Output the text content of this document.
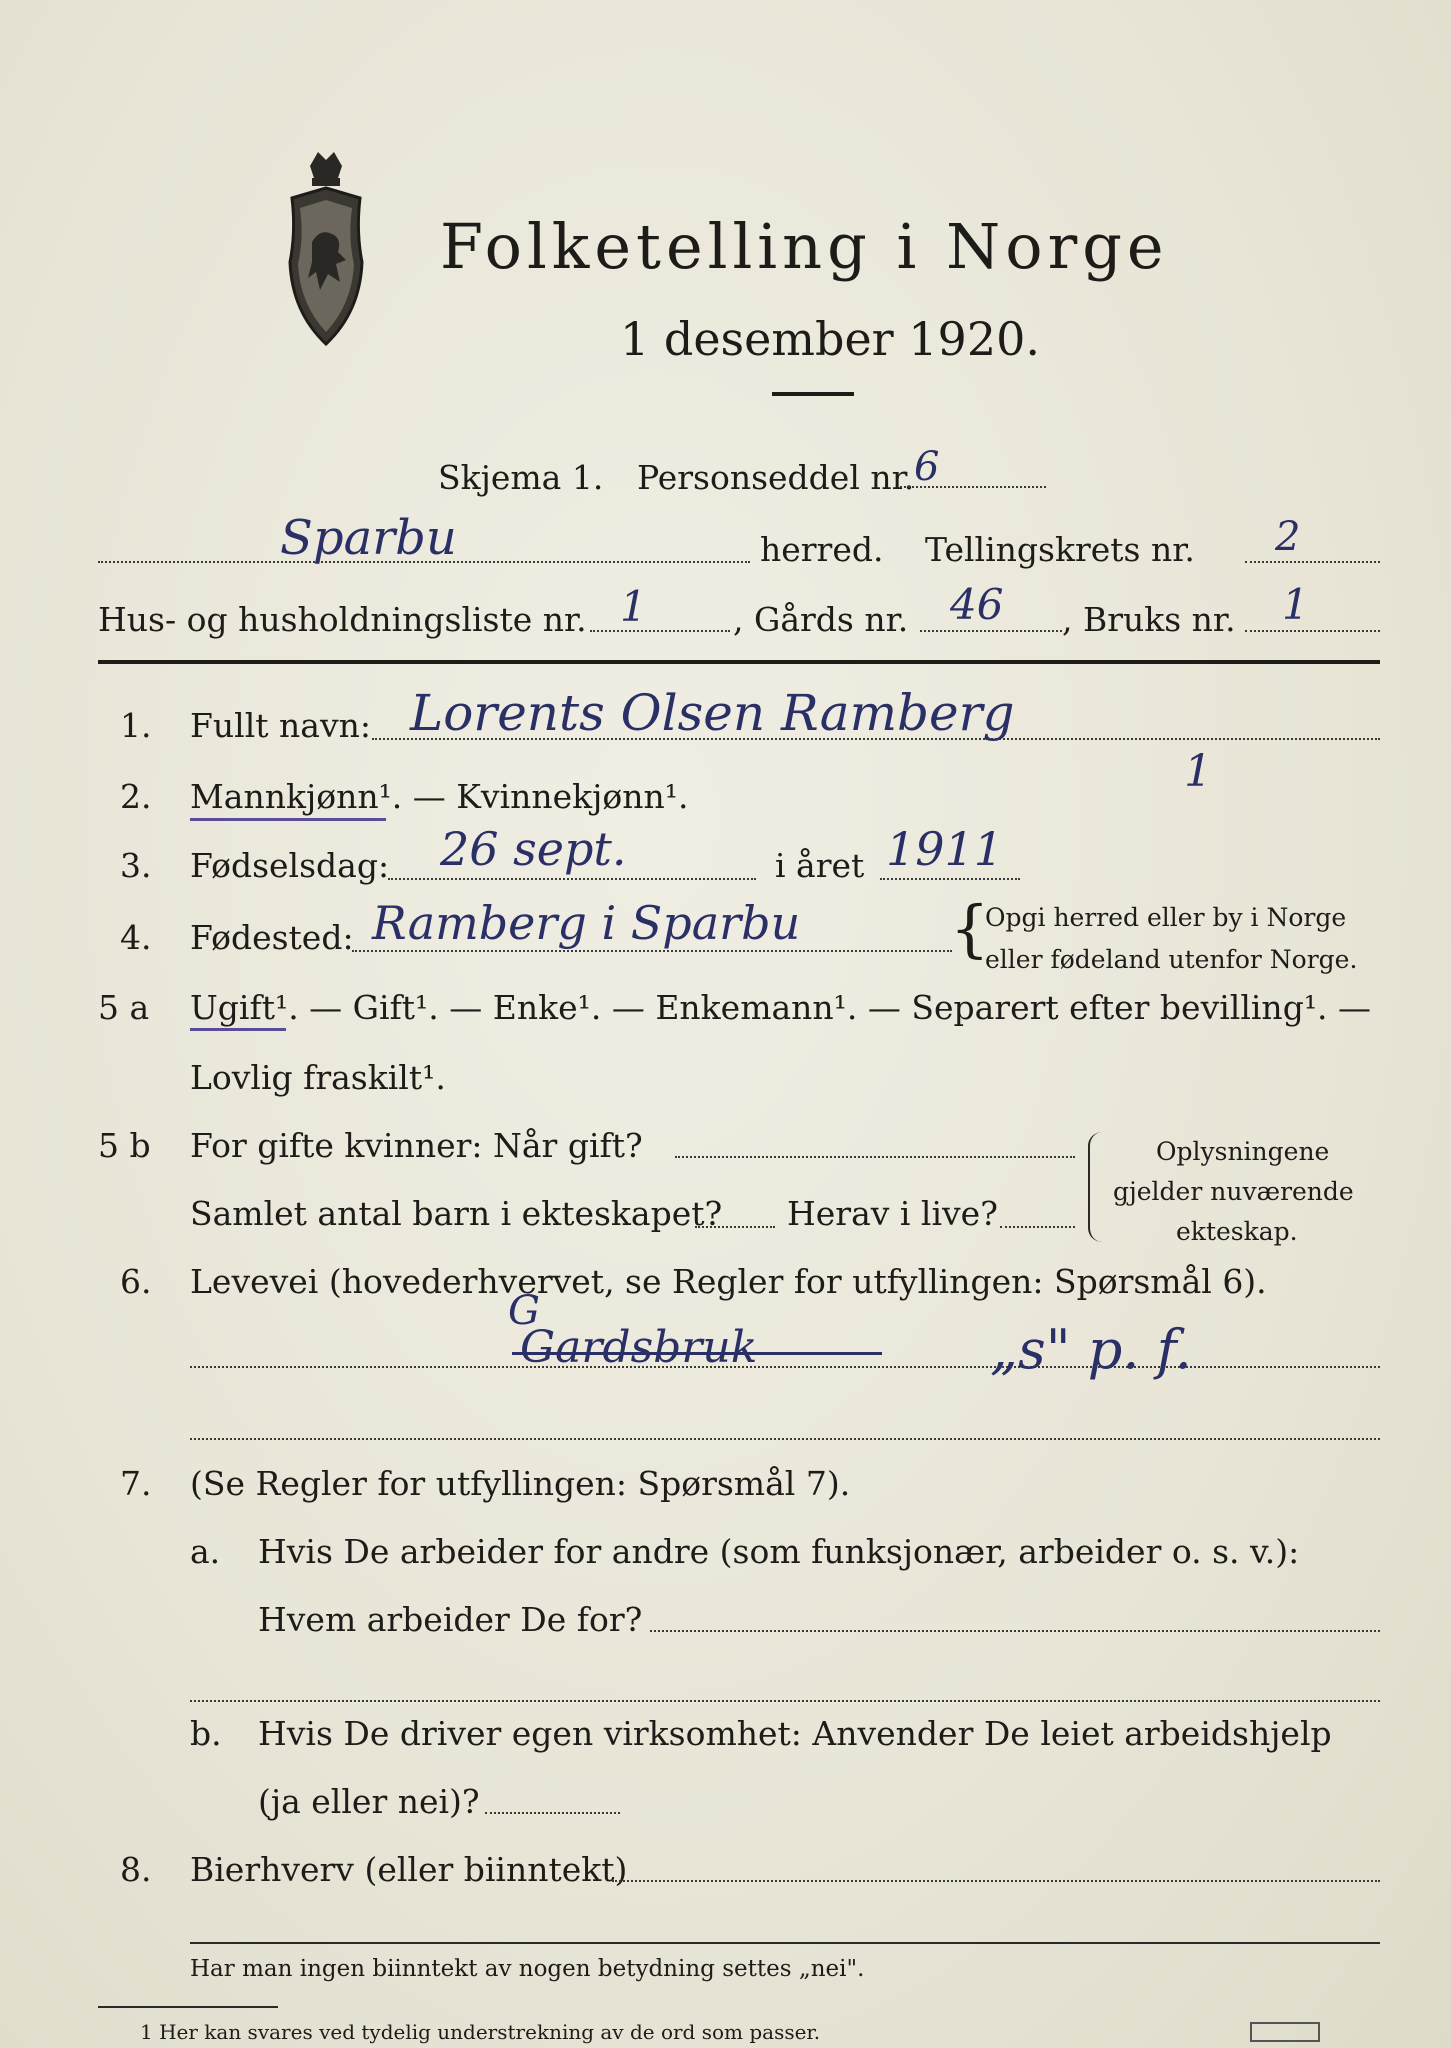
Folketelling i Norge
1 desember 1920.
Skjema 1. Personseddel nr. 6
Sparbu	herred. Tellingskrets nr. 2
Hus- og husholdningsliste nr. 1	, Gårds nr. 46 , Bruks nr. 1
1. Fullt navn: Lorents Olsen Ramberg
1
2. Mannkjønn¹. — Kvinnekjønn¹.
3. Fødselsdag: 26 sept.	i året 1911
4. Fødested: Ramberg i Sparbu {
Opgi herred eller by i Norge
eller fødeland utenfor Norge.
5 a Ugift¹. — Gift¹. — Enke¹. — Enkemann¹. — Separert efter bevilling¹. —
Lovlig fraskilt¹.
5 b For gifte kvinner: Når gift?
Samlet antal barn i ekteskapet? Herav i live?
Oplysningene
gjelder nuværende
ekteskap.
6. Levevei (hovederhvervet, se Regler for utfyllingen: Spørsmål 6).
G
Gardsbruk	„s" p. f.
7. (Se Regler for utfyllingen: Spørsmål 7).
a. Hvis De arbeider for andre (som funksjonær, arbeider o. s. v.):
Hvem arbeider De for?
b. Hvis De driver egen virksomhet: Anvender De leiet arbeidshjelp
(ja eller nei)?
8. Bierhverv (eller biinntekt)
Har man ingen biinntekt av nogen betydning settes „nei".
1 Her kan svares ved tydelig understrekning av de ord som passer.
